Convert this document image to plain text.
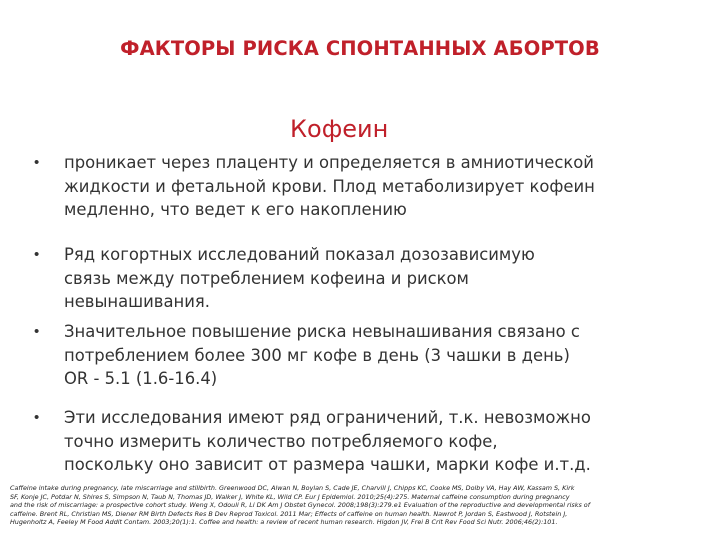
ФАКТОРЫ РИСКА СПОНТАННЫХ АБОРТОВ
Кофеин
• проникает через плаценту и определяется в амниотической
жидкости и фетальной крови. Плод метаболизирует кофеин
медленно, что ведет к его накоплению
• Ряд когортных исследований показал дозозависимую
связь между потреблением кофеина и риском
невынашивания.
• Значительное повышение риска невынашивания связано с
потреблением более 300 мг кофе в день (3 чашки в день)
OR - 5.1 (1.6-16.4)
• Эти исследования имеют ряд ограничений, т.к. невозможно
точно измерить количество потребляемого кофе,
поскольку оно зависит от размера чашки, марки кофе и.т.д.
Caffeine intake during pregnancy, late miscarriage and stillbirth. Greenwood DC, Alwan N, Boylan S, Cade JE, Charvill J, Chipps KC, Cooke MS, Dolby VA, Hay AW, Kassam S, Kirk
SF, Konje JC, Potdar N, Shires S, Simpson N, Taub N, Thomas JD, Walker J, White KL, Wild CP. Eur J Epidemiol. 2010;25(4):275. Maternal caffeine consumption during pregnancy
and the risk of miscarriage: a prospective cohort study. Weng X, Odouli R, Li DK Am J Obstet Gynecol. 2008;198(3):279.e1 Evaluation of the reproductive and developmental risks of
caffeine. Brent RL, Christian MS, Diener RM Birth Defects Res B Dev Reprod Toxicol. 2011 Mar; Effects of caffeine on human health. Nawrot P, Jordan S, Eastwood J, Rotstein J,
Hugenholtz A, Feeley M Food Addit Contam. 2003;20(1):1. Coffee and health: a review of recent human research. Higdon JV, Frei B Crit Rev Food Sci Nutr. 2006;46(2):101.
